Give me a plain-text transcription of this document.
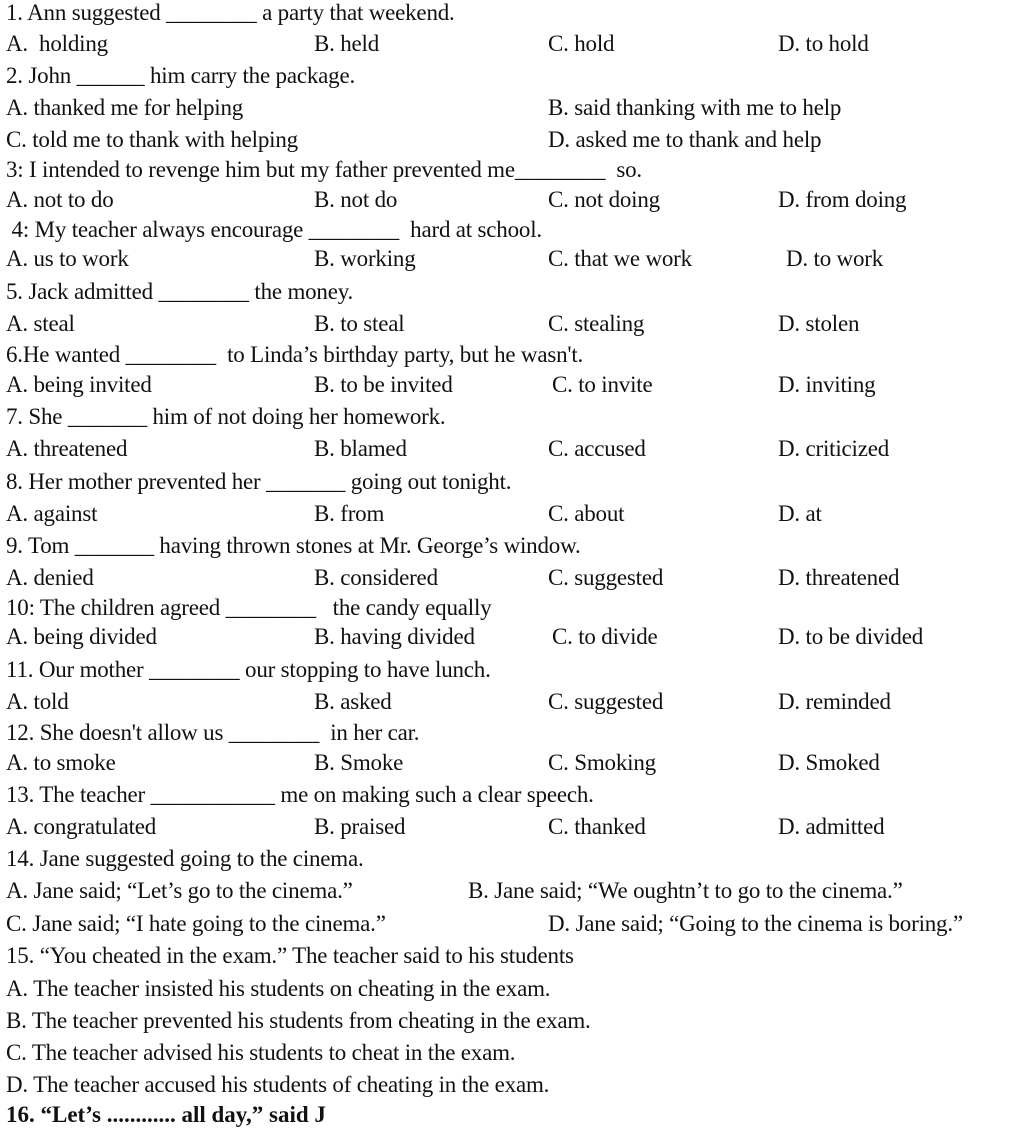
1. Ann suggested ________ a party that weekend.
A.  holding	B. held	C. hold	D. to hold
2. John ______ him carry the package.
A. thanked me for helping	B. said thanking with me to help
C. told me to thank with helping	D. asked me to thank and help
3: I intended to revenge him but my father prevented me________  so.
A. not to do	B. not do	C. not doing	D. from doing
4: My teacher always encourage ________  hard at school.
A. us to work	B. working	C. that we work	D. to work
5. Jack admitted ________ the money.
A. steal	B. to steal	C. stealing	D. stolen
6.He wanted ________  to Linda’s birthday party, but he wasn't.
A. being invited	B. to be invited	C. to invite	D. inviting
7. She _______ him of not doing her homework.
A. threatened	B. blamed	C. accused	D. criticized
8. Her mother prevented her _______ going out tonight.
A. against	B. from	C. about	D. at
9. Tom _______ having thrown stones at Mr. George’s window.
A. denied	B. considered	C. suggested	D. threatened
10: The children agreed ________   the candy equally
A. being divided	B. having divided	C. to divide	D. to be divided
11. Our mother ________ our stopping to have lunch.
A. told	B. asked	C. suggested	D. reminded
12. She doesn't allow us ________  in her car.
A. to smoke	B. Smoke	C. Smoking	D. Smoked
13. The teacher ___________ me on making such a clear speech.
A. congratulated	B. praised	C. thanked	D. admitted
14. Jane suggested going to the cinema.
A. Jane said; “Let’s go to the cinema.”	B. Jane said; “We oughtn’t to go to the cinema.”
C. Jane said; “I hate going to the cinema.”	D. Jane said; “Going to the cinema is boring.”
15. “You cheated in the exam.” The teacher said to his students
A. The teacher insisted his students on cheating in the exam.
B. The teacher prevented his students from cheating in the exam.
C. The teacher advised his students to cheat in the exam.
D. The teacher accused his students of cheating in the exam.
16. “Let’s ............ all day,” said J
